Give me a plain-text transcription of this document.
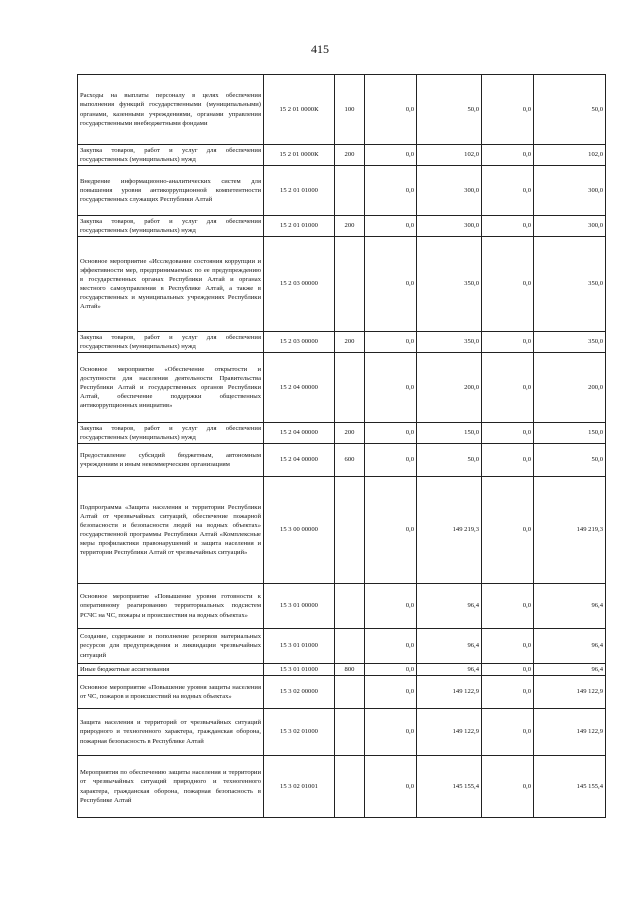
415
Расходы на выплаты персоналу в целях обеспечения выполнения функций государственными (муниципальными) органами, казенными учреждениями, органами управления государственными внебюджетными фондами	15 2 01 0000К	100	0,0	50,0	0,0	50,0
Закупка товаров, работ и услуг для обеспечения государственных (муниципальных) нужд	15 2 01 0000К	200	0,0	102,0	0,0	102,0
Внедрение информационно-аналитических систем для повышения уровня антикоррупционной компетентности государственных служащих Республики Алтай	15 2 01 01000		0,0	300,0	0,0	300,0
Закупка товаров, работ и услуг для обеспечения государственных (муниципальных) нужд	15 2 01 01000	200	0,0	300,0	0,0	300,0
Основное мероприятие «Исследование состояния коррупции и эффективности мер, предпринимаемых по ее предупреждению в государственных органах Республики Алтай и органах местного самоуправления в Республике Алтай, а также в государственных и муниципальных учреждениях Республики Алтай»	15 2 03 00000		0,0	350,0	0,0	350,0
Закупка товаров, работ и услуг для обеспечения государственных (муниципальных) нужд	15 2 03 00000	200	0,0	350,0	0,0	350,0
Основное мероприятие «Обеспечение открытости и доступности для населения деятельности Правительства Республики Алтай и государственных органов Республики Алтай, обеспечение поддержки общественных антикоррупционных инициатив»	15 2 04 00000		0,0	200,0	0,0	200,0
Закупка товаров, работ и услуг для обеспечения государственных (муниципальных) нужд	15 2 04 00000	200	0,0	150,0	0,0	150,0
Предоставление субсидий бюджетным, автономным учреждениям и иным некоммерческим организациям	15 2 04 00000	600	0,0	50,0	0,0	50,0
Подпрограмма «Защита населения и территории Республики Алтай от чрезвычайных ситуаций, обеспечение пожарной безопасности и безопасности людей на водных объектах» государственной программы Республики Алтай «Комплексные меры профилактики правонарушений и защита населения и территории Республики Алтай от чрезвычайных ситуаций»	15 3 00 00000		0,0	149 219,3	0,0	149 219,3
Основное мероприятие «Повышение уровня готовности к оперативному реагированию территориальных подсистем РСЧС на ЧС, пожары и происшествия на водных объектах»	15 3 01 00000		0,0	96,4	0,0	96,4
Создание, содержание и пополнение резервов материальных ресурсов для предупреждения и ликвидации чрезвычайных ситуаций	15 3 01 01000		0,0	96,4	0,0	96,4
Иные бюджетные ассигнования	15 3 01 01000	800	0,0	96,4	0,0	96,4
Основное мероприятие «Повышение уровня защиты населения от ЧС, пожаров и происшествий на водных объектах»	15 3 02 00000		0,0	149 122,9	0,0	149 122,9
Защита населения и территорий от чрезвычайных ситуаций природного и техногенного характера, гражданская оборона, пожарная безопасность в Республике Алтай	15 3 02 01000		0,0	149 122,9	0,0	149 122,9
Мероприятия по обеспечению защиты населения и территории от чрезвычайных ситуаций природного и техногенного характера, гражданская оборона, пожарная безопасность в Республике Алтай	15 3 02 01001		0,0	145 155,4	0,0	145 155,4
